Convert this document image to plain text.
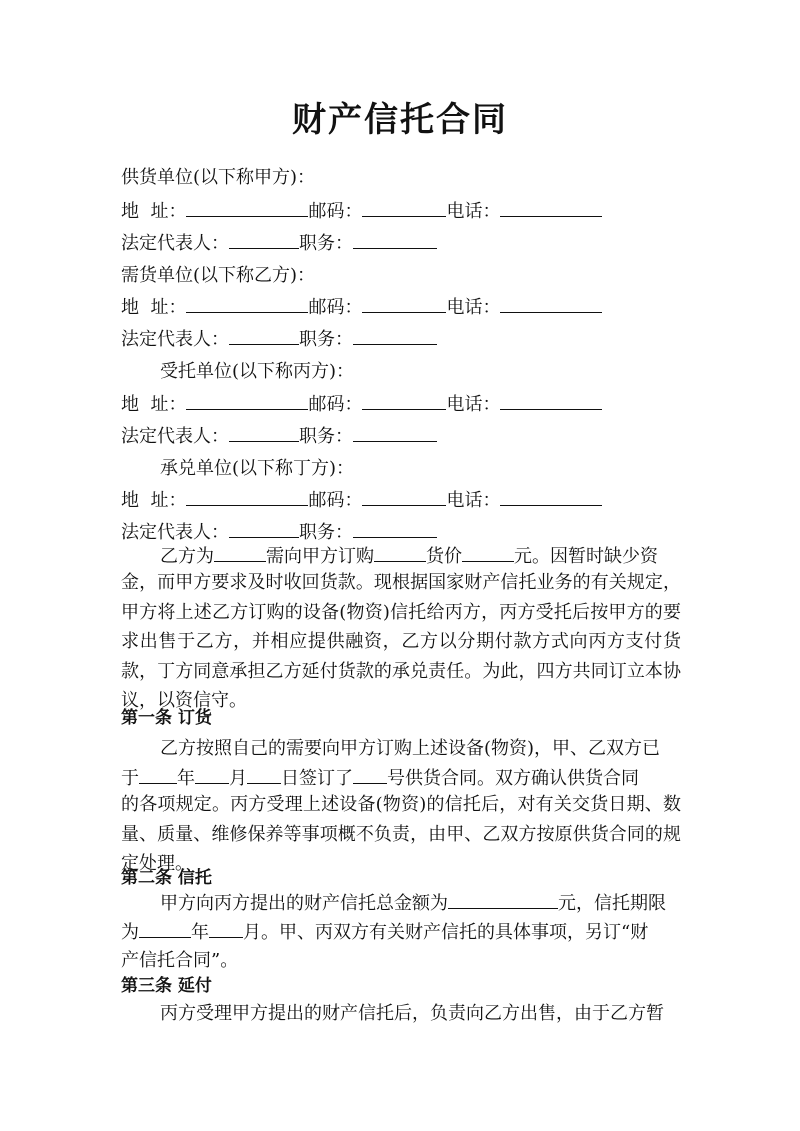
财产信托合同
供货单位(以下称甲方)：
地  址：	邮码：	电话：
法定代表人：	职务：
需货单位(以下称乙方)：
地  址：	邮码：	电话：
法定代表人：	职务：
受托单位(以下称丙方)：
地  址：	邮码：	电话：
法定代表人：	职务：
承兑单位(以下称丁方)：
地  址：	邮码：	电话：
法定代表人：	职务：
乙方为	需向甲方订购	货价	元。因暂时缺少资
金，而甲方要求及时收回货款。现根据国家财产信托业务的有关规定，甲方将上述乙方订购的设备(物资)信托给丙方，丙方受托后按甲方的要求出售于乙方，并相应提供融资，乙方以分期付款方式向丙方支付货款，丁方同意承担乙方延付货款的承兑责任。为此，四方共同订立本协议，以资信守。
第一条 订货
乙方按照自己的需要向甲方订购上述设备(物资)，甲、乙双方已
于 年 月 日签订了 号供货合同。双方确认供货合同
的各项规定。丙方受理上述设备(物资)的信托后，对有关交货日期、数量、质量、维修保养等事项概不负责，由甲、乙双方按原供货合同的规定处理。
第二条 信托
甲方向丙方提出的财产信托总金额为	元，信托期限
为	年 月。甲、丙双方有关财产信托的具体事项，另订“财
产信托合同”。
第三条 延付
丙方受理甲方提出的财产信托后，负责向乙方出售，由于乙方暂
